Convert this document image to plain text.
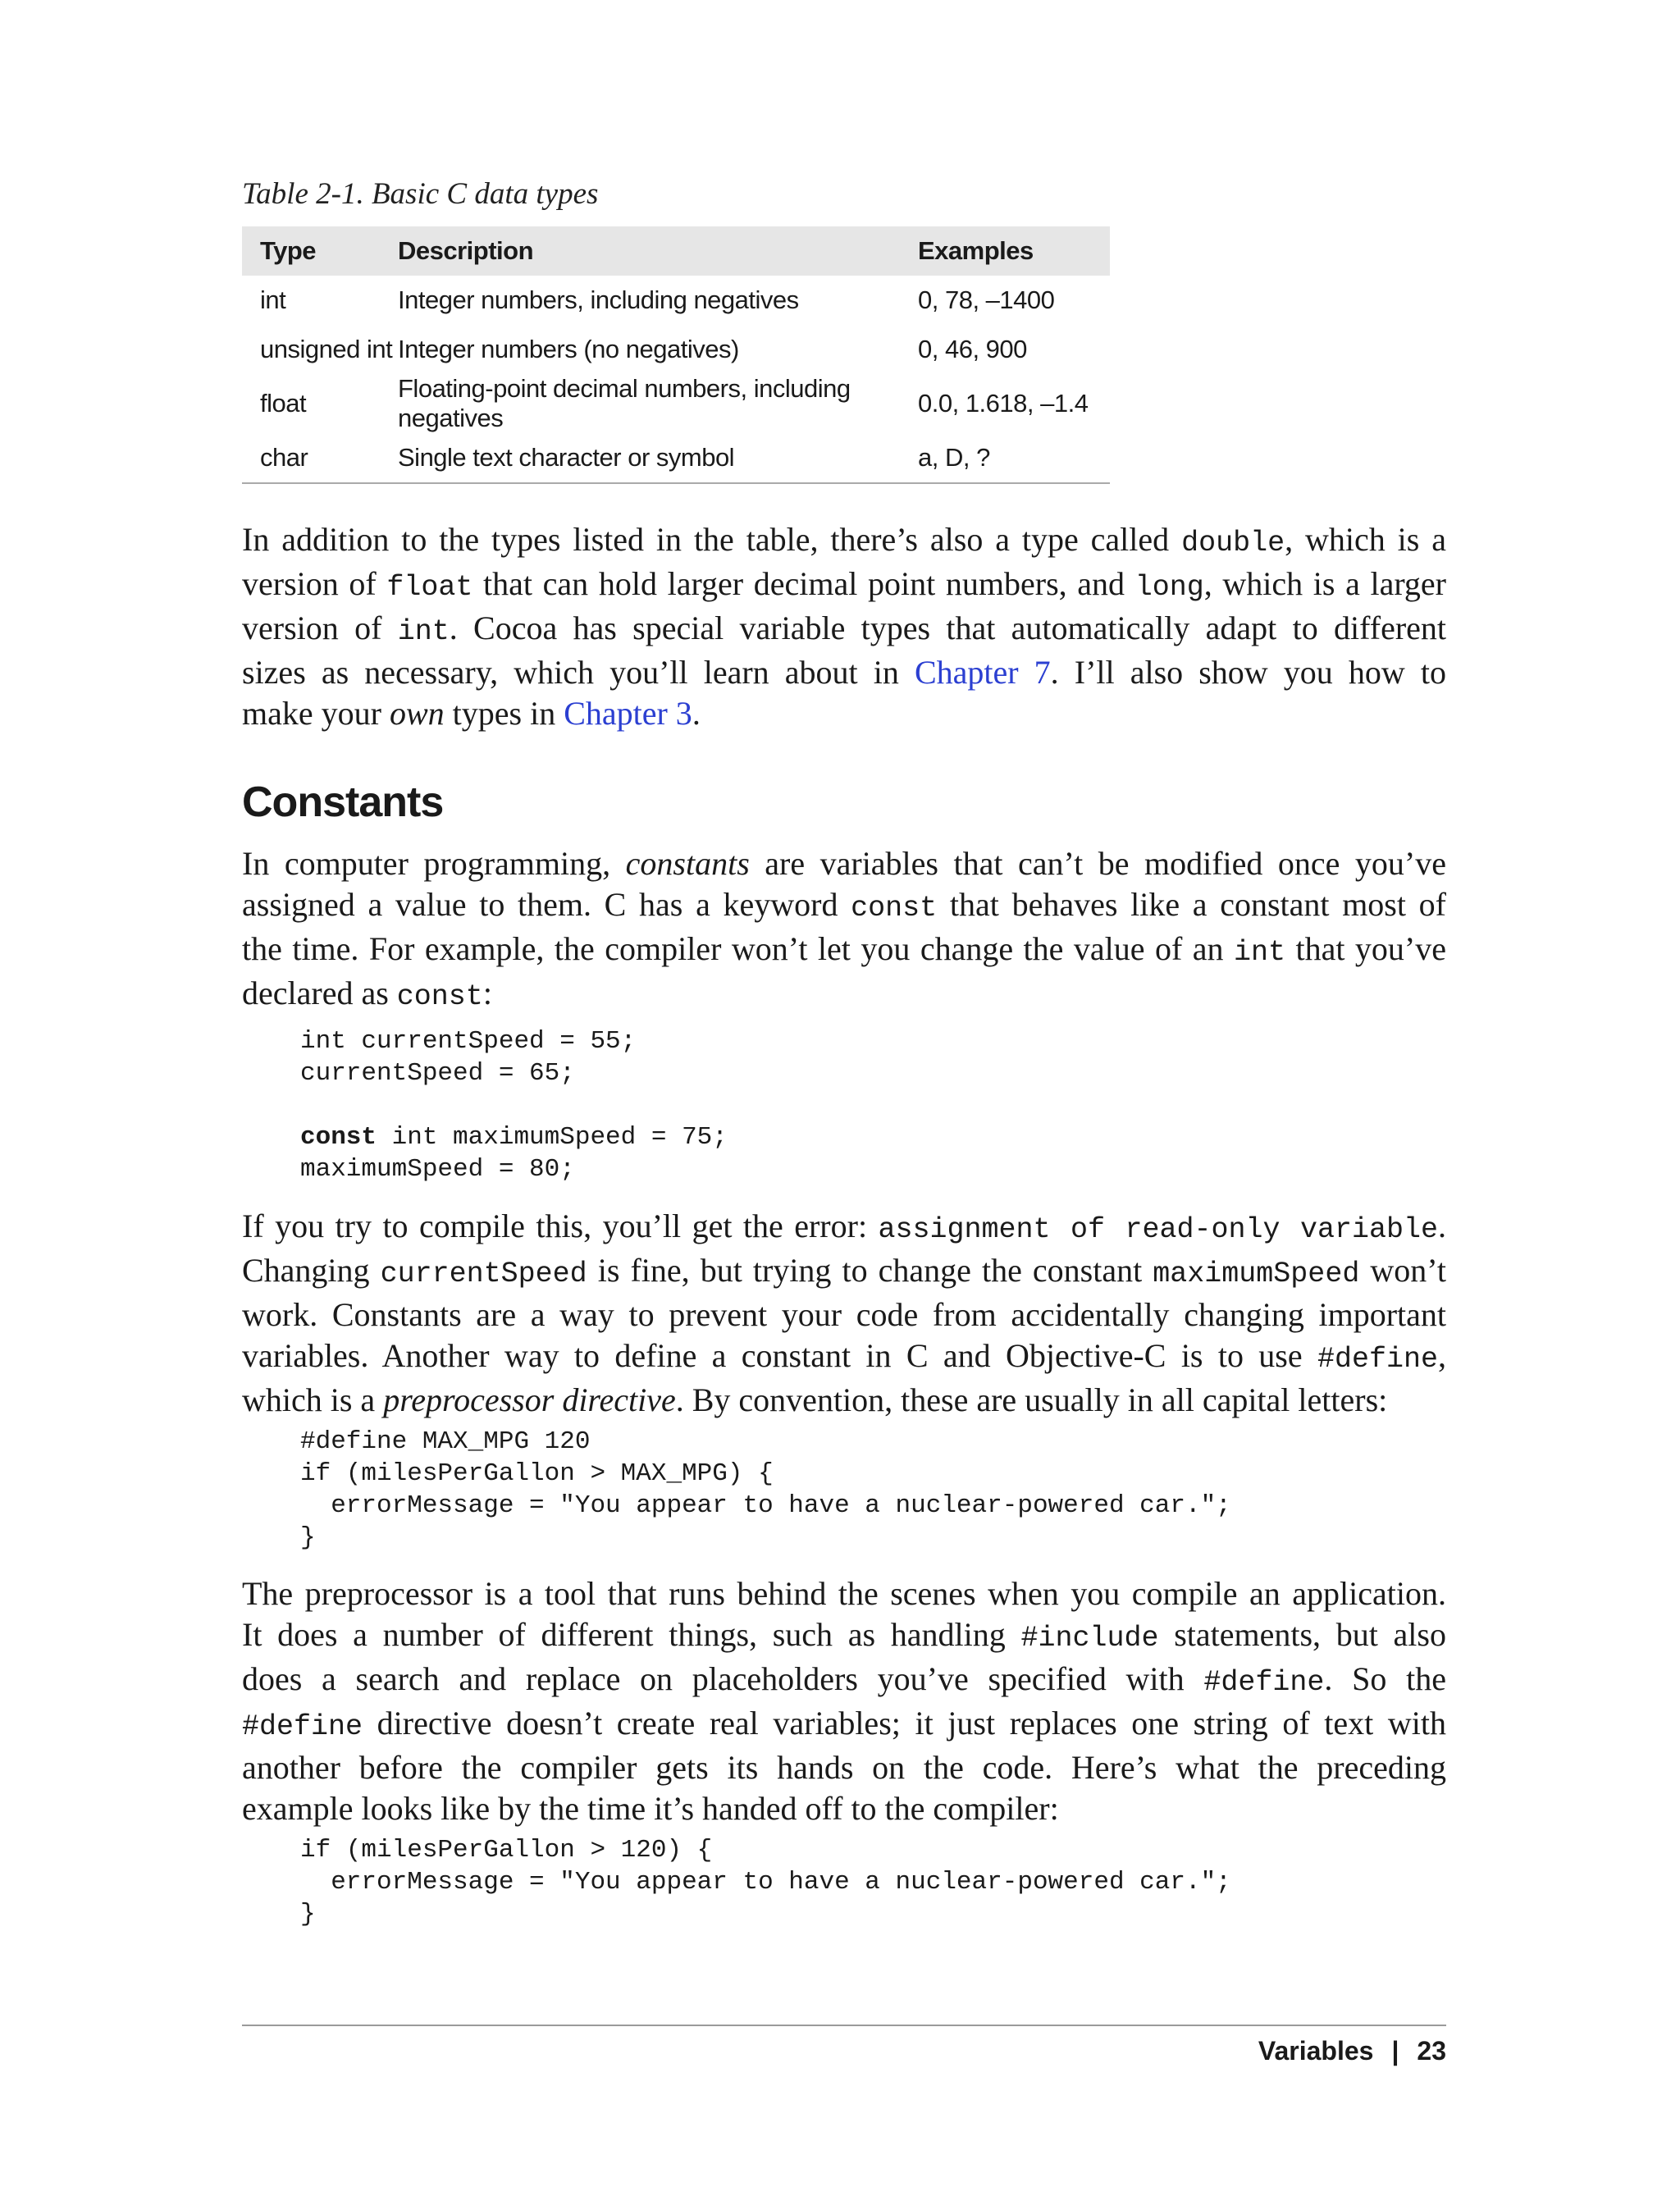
Table 2-1. Basic C data types
Type	Description	Examples
int	Integer numbers, including negatives	0, 78, –1400
unsigned int	Integer numbers (no negatives)	0, 46, 900
float	Floating-point decimal numbers, including negatives	0.0, 1.618, –1.4
char	Single text character or symbol	a, D, ?
In addition to the types listed in the table, there’s also a type called double, which is a
version of float that can hold larger decimal point numbers, and long, which is a larger
version of int. Cocoa has special variable types that automatically adapt to different
sizes as necessary, which you’ll learn about in Chapter 7. I’ll also show you how to
make your own types in Chapter 3.
Constants
In computer programming, constants are variables that can’t be modified once you’ve
assigned a value to them. C has a keyword const that behaves like a constant most of
the time. For example, the compiler won’t let you change the value of an int that you’ve
declared as const:
int currentSpeed = 55;
currentSpeed = 65;

const int maximumSpeed = 75;
maximumSpeed = 80;
If you try to compile this, you’ll get the error: assignment of read-only variable.
Changing currentSpeed is fine, but trying to change the constant maximumSpeed won’t
work. Constants are a way to prevent your code from accidentally changing important
variables. Another way to define a constant in C and Objective-C is to use #define,
which is a preprocessor directive. By convention, these are usually in all capital letters:
#define MAX_MPG 120
if (milesPerGallon > MAX_MPG) {
errorMessage = "You appear to have a nuclear-powered car.";
}
The preprocessor is a tool that runs behind the scenes when you compile an application.
It does a number of different things, such as handling #include statements, but also
does a search and replace on placeholders you’ve specified with #define. So the
#define directive doesn’t create real variables; it just replaces one string of text with
another before the compiler gets its hands on the code. Here’s what the preceding
example looks like by the time it’s handed off to the compiler:
if (milesPerGallon > 120) {
errorMessage = "You appear to have a nuclear-powered car.";
}
Variables | 23
